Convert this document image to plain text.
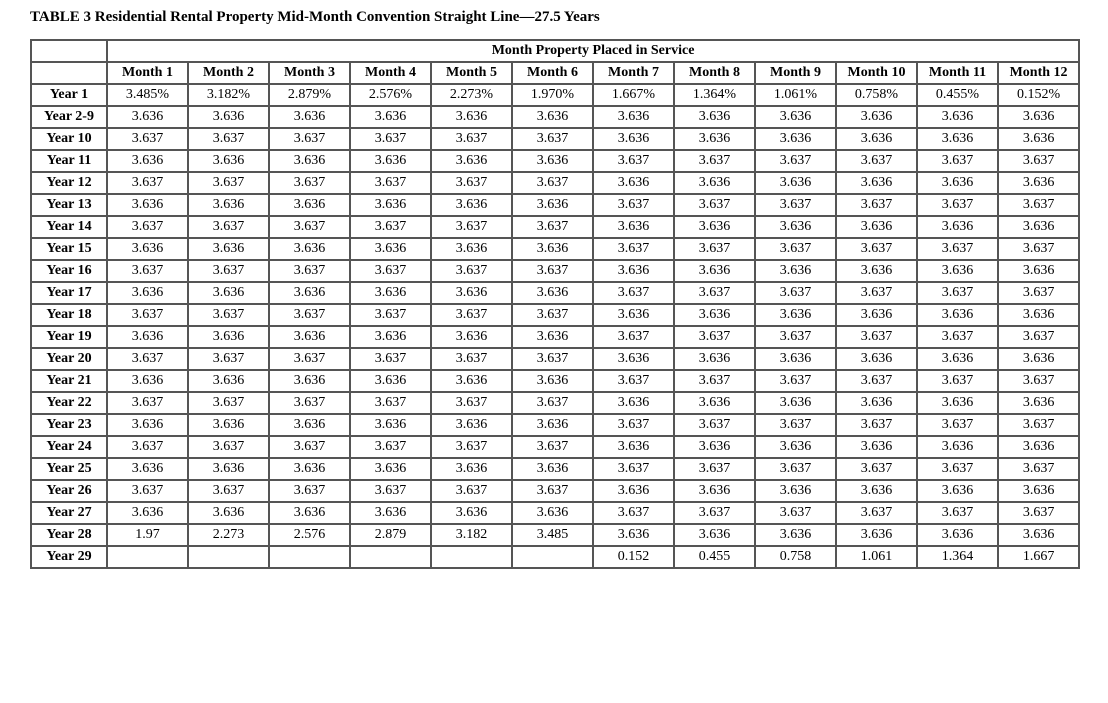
TABLE 3 Residential Rental Property Mid-Month Convention Straight Line—27.5 Years
	Month Property Placed in Service											
	Month 1	Month 2	Month 3	Month 4	Month 5	Month 6	Month 7	Month 8	Month 9	Month 10	Month 11	Month 12
Year 1	3.485%	3.182%	2.879%	2.576%	2.273%	1.970%	1.667%	1.364%	1.061%	0.758%	0.455%	0.152%
Year 2-9	3.636	3.636	3.636	3.636	3.636	3.636	3.636	3.636	3.636	3.636	3.636	3.636
Year 10	3.637	3.637	3.637	3.637	3.637	3.637	3.636	3.636	3.636	3.636	3.636	3.636
Year 11	3.636	3.636	3.636	3.636	3.636	3.636	3.637	3.637	3.637	3.637	3.637	3.637
Year 12	3.637	3.637	3.637	3.637	3.637	3.637	3.636	3.636	3.636	3.636	3.636	3.636
Year 13	3.636	3.636	3.636	3.636	3.636	3.636	3.637	3.637	3.637	3.637	3.637	3.637
Year 14	3.637	3.637	3.637	3.637	3.637	3.637	3.636	3.636	3.636	3.636	3.636	3.636
Year 15	3.636	3.636	3.636	3.636	3.636	3.636	3.637	3.637	3.637	3.637	3.637	3.637
Year 16	3.637	3.637	3.637	3.637	3.637	3.637	3.636	3.636	3.636	3.636	3.636	3.636
Year 17	3.636	3.636	3.636	3.636	3.636	3.636	3.637	3.637	3.637	3.637	3.637	3.637
Year 18	3.637	3.637	3.637	3.637	3.637	3.637	3.636	3.636	3.636	3.636	3.636	3.636
Year 19	3.636	3.636	3.636	3.636	3.636	3.636	3.637	3.637	3.637	3.637	3.637	3.637
Year 20	3.637	3.637	3.637	3.637	3.637	3.637	3.636	3.636	3.636	3.636	3.636	3.636
Year 21	3.636	3.636	3.636	3.636	3.636	3.636	3.637	3.637	3.637	3.637	3.637	3.637
Year 22	3.637	3.637	3.637	3.637	3.637	3.637	3.636	3.636	3.636	3.636	3.636	3.636
Year 23	3.636	3.636	3.636	3.636	3.636	3.636	3.637	3.637	3.637	3.637	3.637	3.637
Year 24	3.637	3.637	3.637	3.637	3.637	3.637	3.636	3.636	3.636	3.636	3.636	3.636
Year 25	3.636	3.636	3.636	3.636	3.636	3.636	3.637	3.637	3.637	3.637	3.637	3.637
Year 26	3.637	3.637	3.637	3.637	3.637	3.637	3.636	3.636	3.636	3.636	3.636	3.636
Year 27	3.636	3.636	3.636	3.636	3.636	3.636	3.637	3.637	3.637	3.637	3.637	3.637
Year 28	1.97	2.273	2.576	2.879	3.182	3.485	3.636	3.636	3.636	3.636	3.636	3.636
Year 29							0.152	0.455	0.758	1.061	1.364	1.667
